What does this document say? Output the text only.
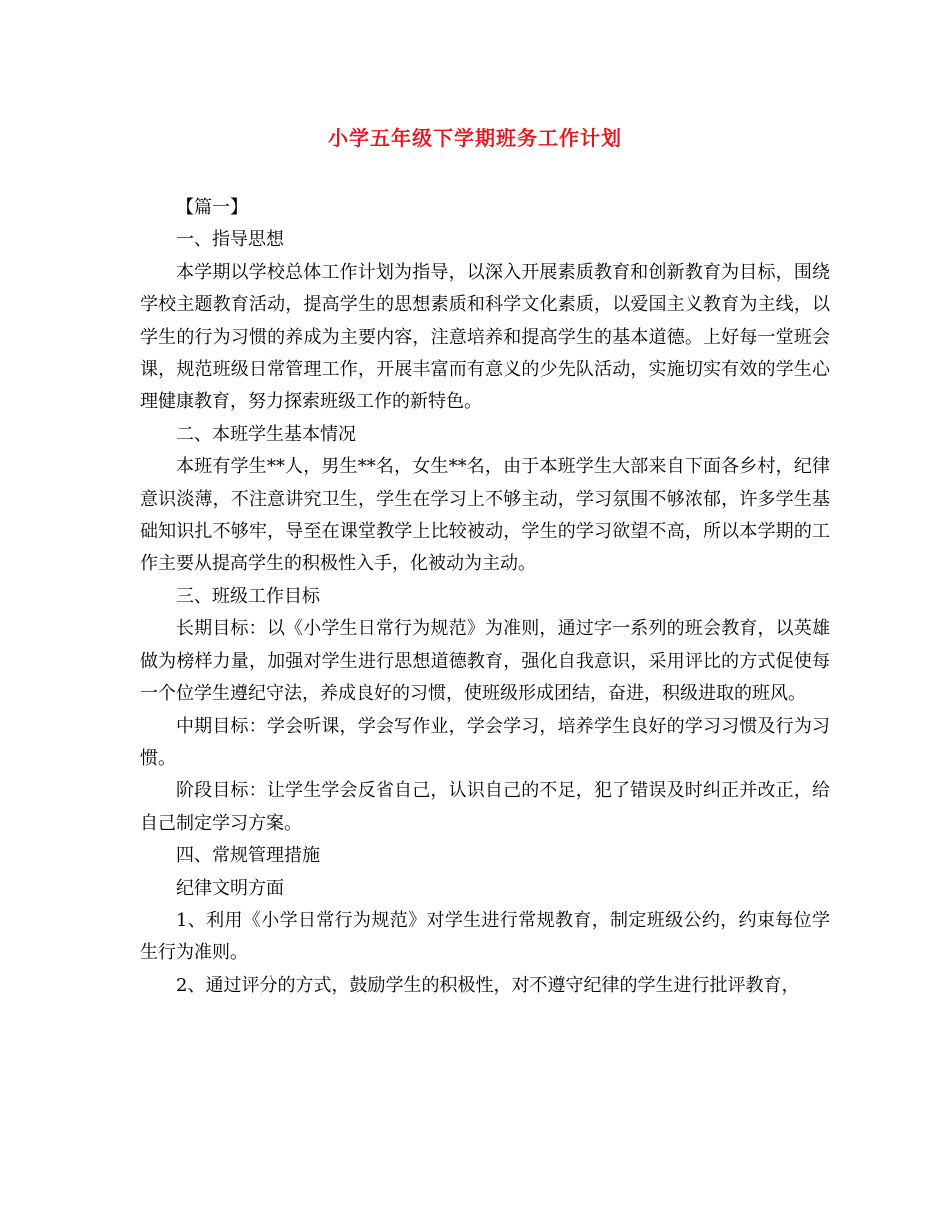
小学五年级下学期班务工作计划

【篇一】

一、指导思想

本学期以学校总体工作计划为指导，以深入开展素质教育和创新教育为目标，围绕学校主题教育活动，提高学生的思想素质和科学文化素质，以爱国主义教育为主线，以学生的行为习惯的养成为主要内容，注意培养和提高学生的基本道德。上好每一堂班会课，规范班级日常管理工作，开展丰富而有意义的少先队活动，实施切实有效的学生心理健康教育，努力探索班级工作的新特色。

二、本班学生基本情况

本班有学生**人，男生**名，女生**名，由于本班学生大部来自下面各乡村，纪律意识淡薄，不注意讲究卫生，学生在学习上不够主动，学习氛围不够浓郁，许多学生基础知识扎不够牢，导至在课堂教学上比较被动，学生的学习欲望不高，所以本学期的工作主要从提高学生的积极性入手，化被动为主动。

三、班级工作目标

长期目标：以《小学生日常行为规范》为准则，通过字一系列的班会教育，以英雄做为榜样力量，加强对学生进行思想道德教育，强化自我意识，采用评比的方式促使每一个位学生遵纪守法，养成良好的习惯，使班级形成团结，奋进，积级进取的班风。

中期目标：学会听课，学会写作业，学会学习，培养学生良好的学习习惯及行为习惯。

阶段目标：让学生学会反省自己，认识自己的不足，犯了错误及时纠正并改正，给自己制定学习方案。

四、常规管理措施

纪律文明方面

1、利用《小学日常行为规范》对学生进行常规教育，制定班级公约，约束每位学生行为准则。

2、通过评分的方式，鼓励学生的积极性，对不遵守纪律的学生进行批评教育，
